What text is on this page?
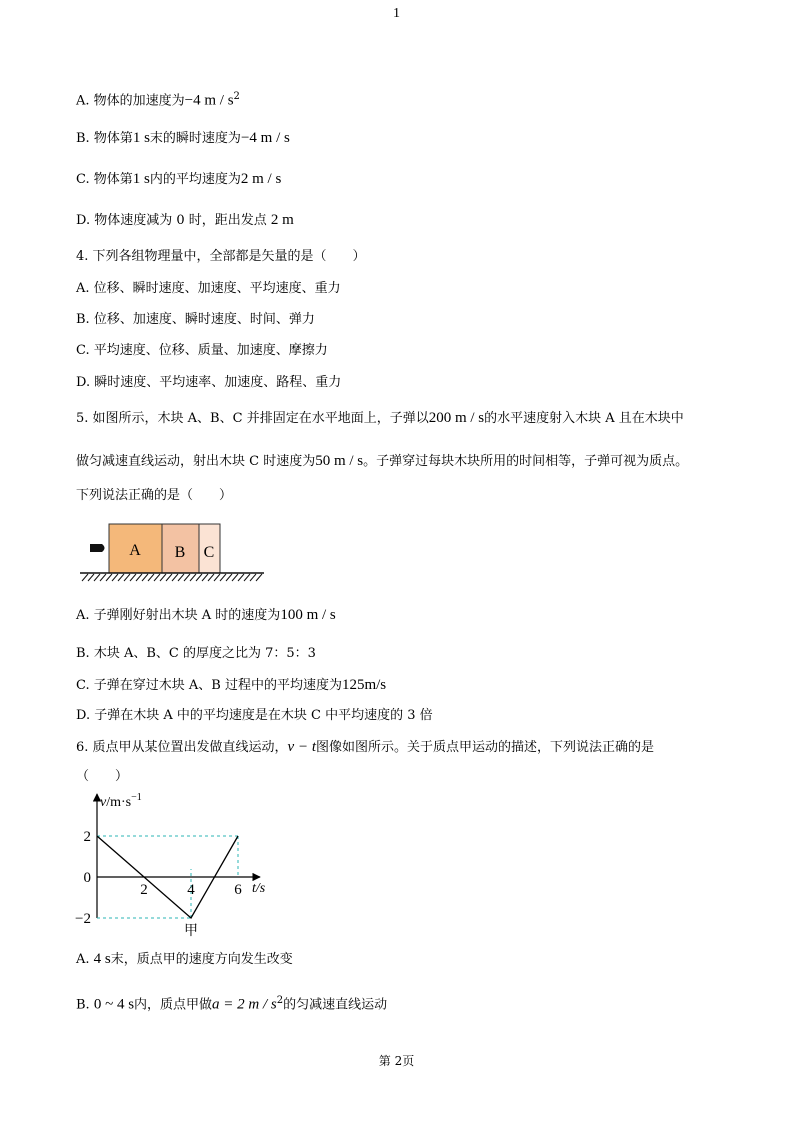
1
A. 物体的加速度为−4 m / $s^2$
B. 物体第1 s末的瞬时速度为−4 m / s
C. 物体第1 s内的平均速度为2 m / s
D. 物体速度减为 0 时，距出发点 2 m
4. 下列各组物理量中，全部都是矢量的是（　　）
A. 位移、瞬时速度、加速度、平均速度、重力
B. 位移、加速度、瞬时速度、时间、弹力
C. 平均速度、位移、质量、加速度、摩擦力
D. 瞬时速度、平均速率、加速度、路程、重力
5. 如图所示，木块 A、B、C 并排固定在水平地面上，子弹以200 m / s的水平速度射入木块 A 且在木块中
做匀减速直线运动，射出木块 C 时速度为50 m / s。子弹穿过每块木块所用的时间相等，子弹可视为质点。
下列说法正确的是（　　）
A B C
A. 子弹刚好射出木块 A 时的速度为100 m / s
B. 木块 A、B、C 的厚度之比为 7：5：3
C. 子弹在穿过木块 A、B 过程中的平均速度为125m/s
D. 子弹在木块 A 中的平均速度是在木块 C 中平均速度的 3 倍
6. 质点甲从某位置出发做直线运动，v − t图像如图所示。关于质点甲运动的描述，下列说法正确的是
（　　）
$v/m\cdot s^{-1}$
t/s
2
0
−2
2	4	6
甲
A. 4 s末，质点甲的速度方向发生改变
B. 0 ~ 4 s内，质点甲做a = 2 m / $s^2$的匀减速直线运动
第 2页
